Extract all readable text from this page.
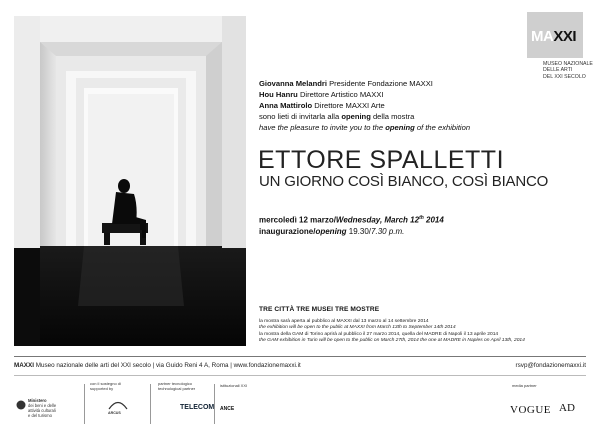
MAXXI
MUSEO NAZIONALE
DELLE ARTI
DEL XXI SECOLO
Giovanna Melandri Presidente Fondazione MAXXI
Hou Hanru Direttore Artistico MAXXI
Anna Mattirolo Direttore MAXXI Arte
sono lieti di invitarla alla opening della mostra
have the pleasure to invite you to the opening of the exhibition
ETTORE SPALLETTI
UN GIORNO COSÌ BIANCO, COSÌ BIANCO
mercoledì 12 marzo/Wednesday, March 12th 2014
inaugurazione/opening 19.30/7.30 p.m.
TRE CITTÀ TRE MUSEI TRE MOSTRE
la mostra sarà aperta al pubblico al MAXXI dal 13 marzo al 14 settembre 2014
the exhibition will be open to the public at MAXXI from March 13th to September 14th 2014
la mostra della GAM di Torino aprirà al pubblico il 27 marzo 2014, quella del MADRE di Napoli il 13 aprile 2014
the GAM exhibition in Turin will be open to the public on March 27th, 2014 the one at MADRE in Naples on April 13th, 2014
MAXXI Museo nazionale delle arti del XXI secolo | via Guido Reni 4 A, Roma | www.fondazionemaxxi.it	rsvp@fondazionemaxxi.it
Ministero
dei beni e delle
attività culturali
e del turismo
con il sostegno di
supported by
ARCUS
partner tecnologico
technological partner
TELECOM
istituzionali XXI
ANCE
media partner
VOGUE AD
